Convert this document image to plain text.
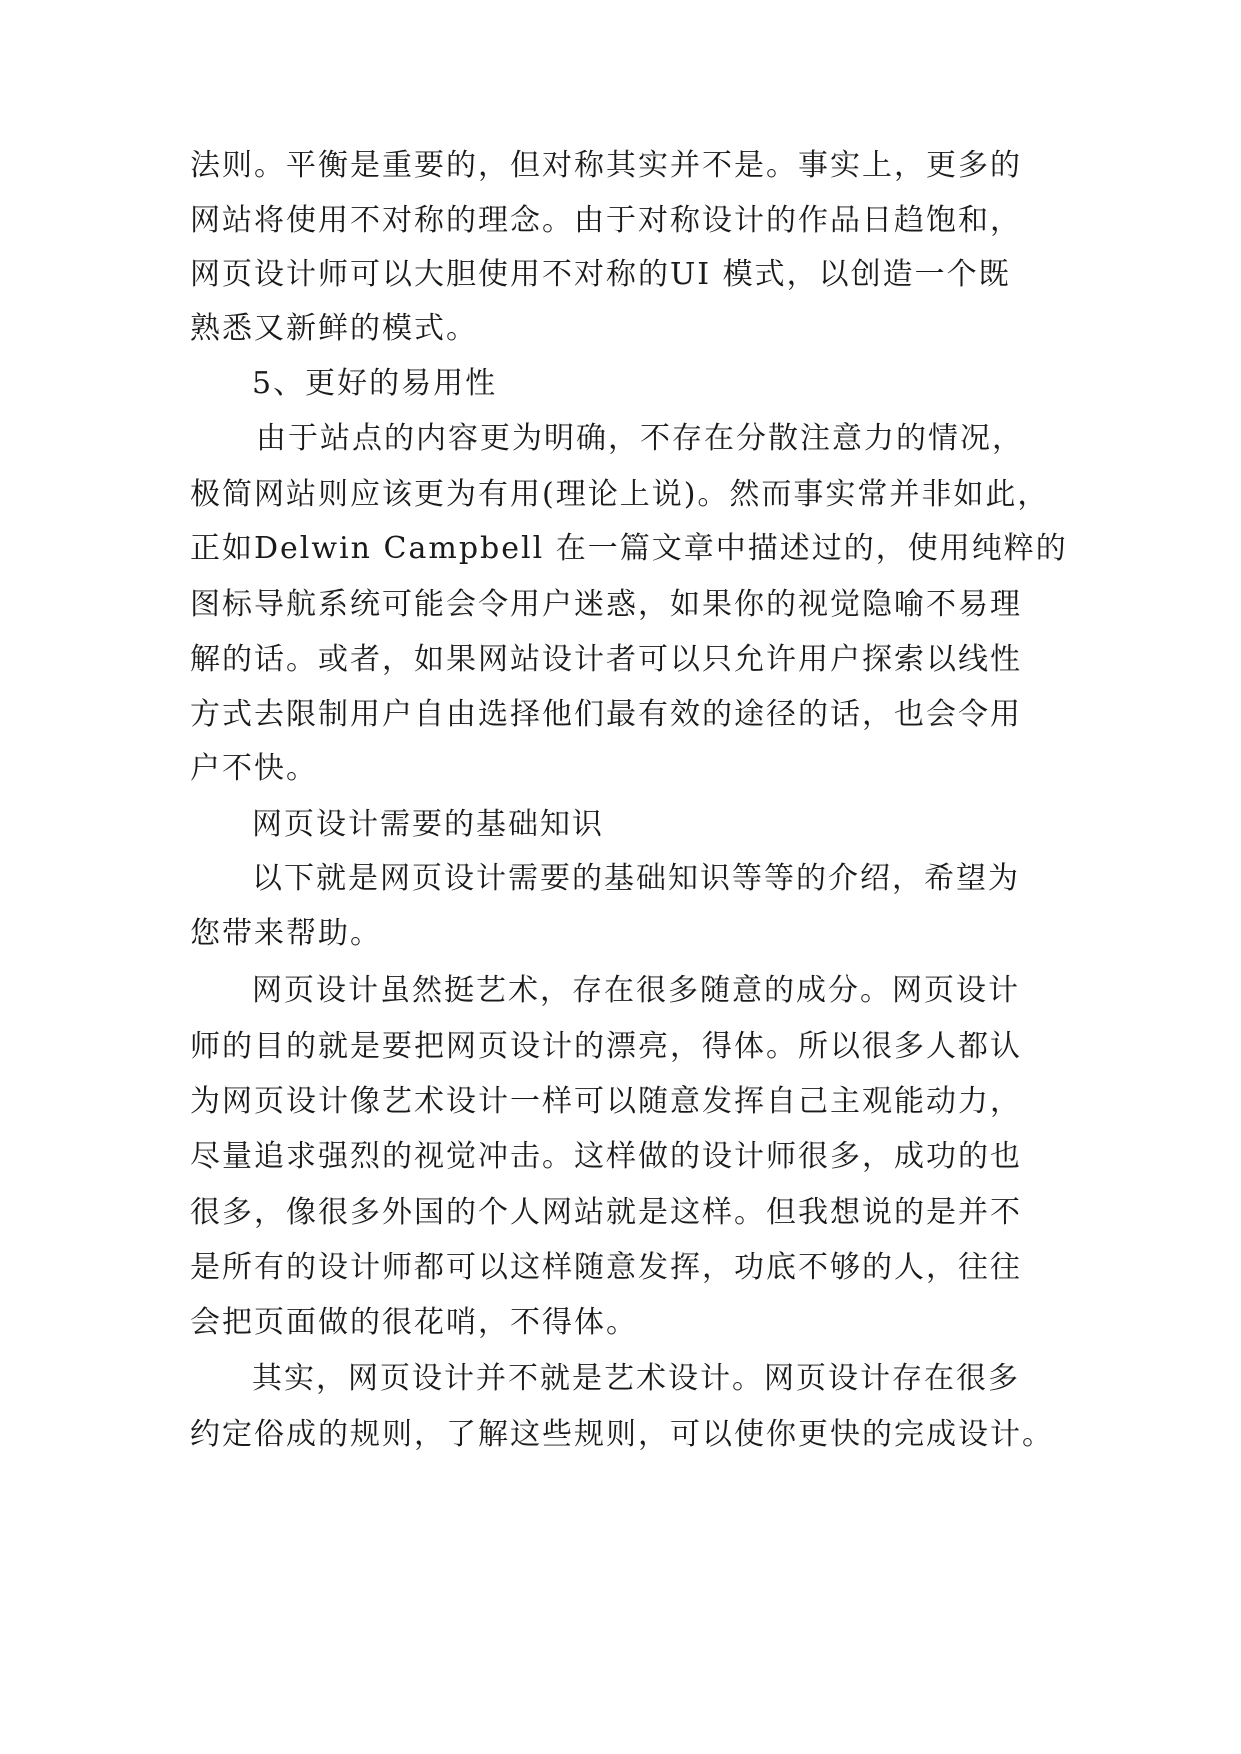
法则。平衡是重要的，但对称其实并不是。事实上，更多的
网站将使用不对称的理念。由于对称设计的作品日趋饱和，
网页设计师可以大胆使用不对称的UI 模式，以创造一个既
熟悉又新鲜的模式。
5、更好的易用性
由于站点的内容更为明确，不存在分散注意力的情况，
极简网站则应该更为有用(理论上说)。然而事实常并非如此，
正如Delwin Campbell 在一篇文章中描述过的，使用纯粹的
图标导航系统可能会令用户迷惑，如果你的视觉隐喻不易理
解的话。或者，如果网站设计者可以只允许用户探索以线性
方式去限制用户自由选择他们最有效的途径的话，也会令用
户不快。
网页设计需要的基础知识
以下就是网页设计需要的基础知识等等的介绍，希望为
您带来帮助。
网页设计虽然挺艺术，存在很多随意的成分。网页设计
师的目的就是要把网页设计的漂亮，得体。所以很多人都认
为网页设计像艺术设计一样可以随意发挥自己主观能动力，
尽量追求强烈的视觉冲击。这样做的设计师很多，成功的也
很多，像很多外国的个人网站就是这样。但我想说的是并不
是所有的设计师都可以这样随意发挥，功底不够的人，往往
会把页面做的很花哨，不得体。
其实，网页设计并不就是艺术设计。网页设计存在很多
约定俗成的规则，了解这些规则，可以使你更快的完成设计。
